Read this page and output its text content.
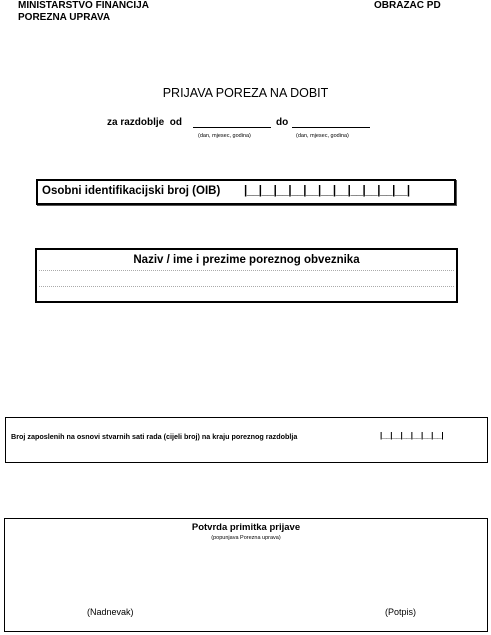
MINISTARSTVO FINANCIJA
POREZNA UPRAVA
OBRAZAC PD
PRIJAVA POREZA NA DOBIT
za razdoblje  od	do
(dan, mjesec, godina)	(dan, mjesec, godina)
Osobni identifikacijski broj (OIB) |__|__|__|__|__|__|__|__|__|__|__|
Naziv / ime i prezime poreznog obveznika
Broj zaposlenih na osnovi stvarnih sati rada (cijeli broj) na kraju poreznog razdoblja	|__|__|__|__|__|__|
Potvrda primitka prijave
(popunjava Porezna uprava)
(Nadnevak)	(Potpis)
